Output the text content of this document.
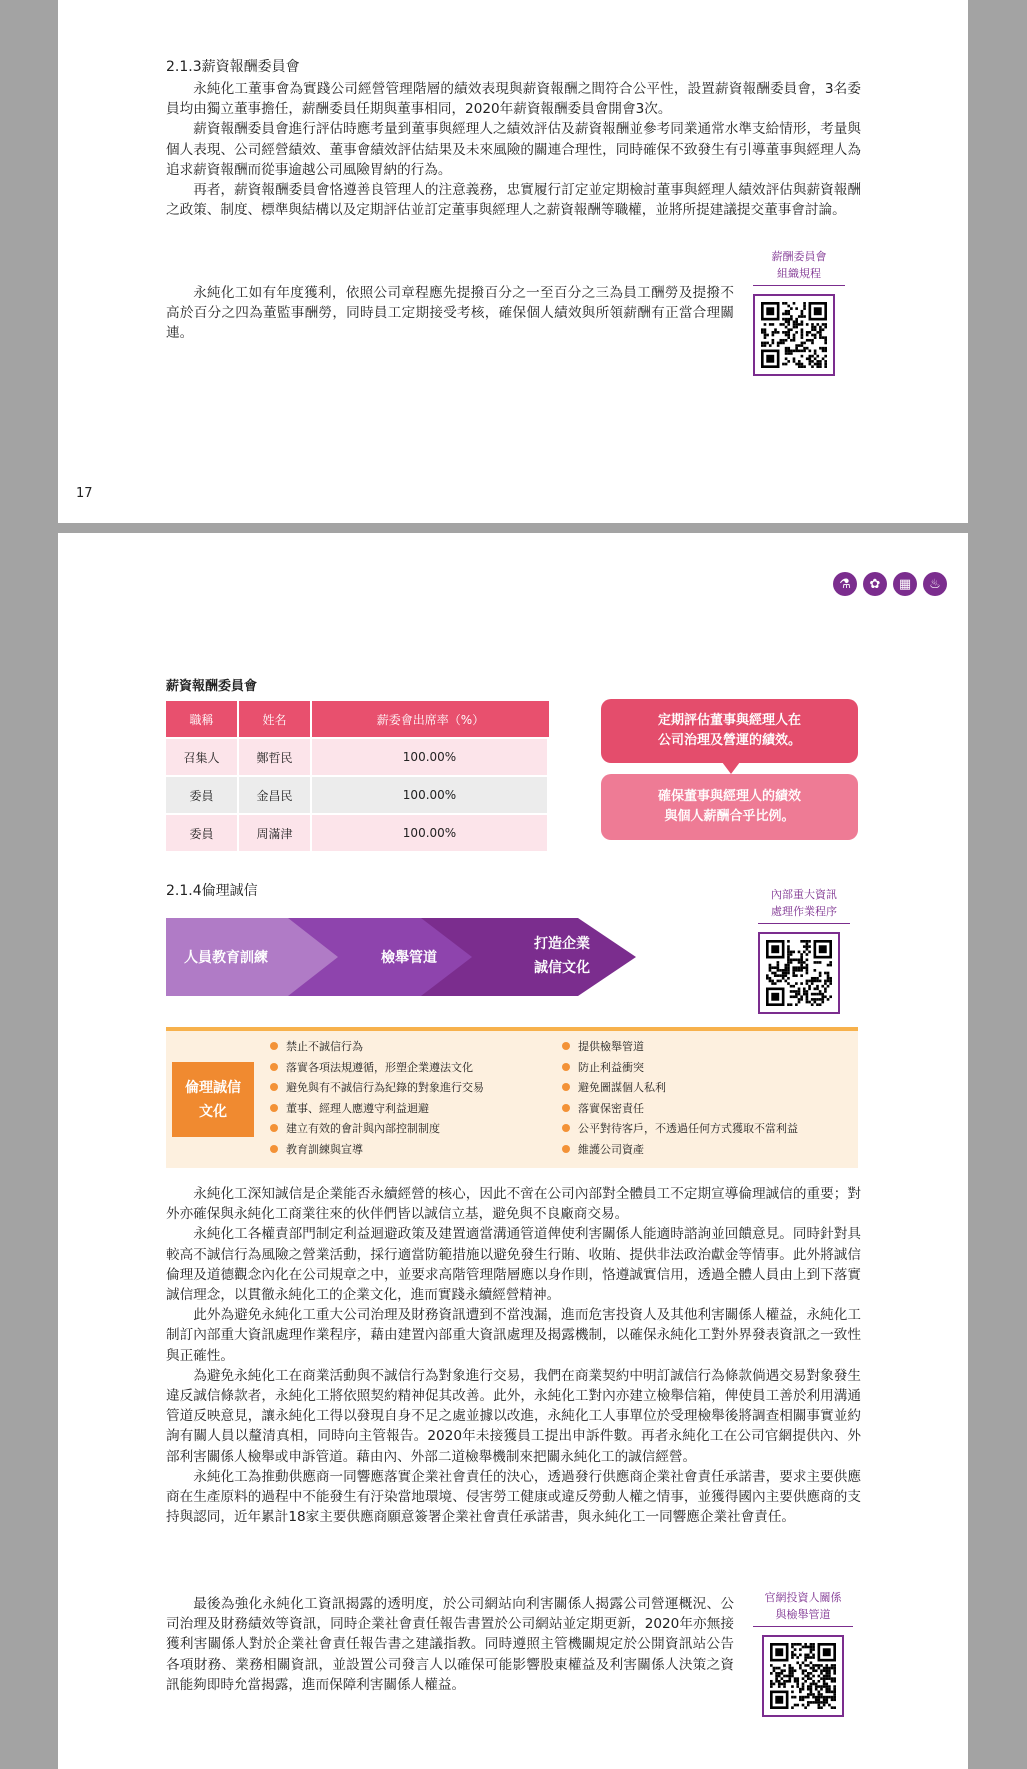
2.1.3薪資報酬委員會

永純化工董事會為實踐公司經營管理階層的績效表現與薪資報酬之間符合公平性，設置薪資報酬委員會，3名委員均由獨立董事擔任，薪酬委員任期與董事相同，2020年薪資報酬委員會開會3次。

薪資報酬委員會進行評估時應考量到董事與經理人之績效評估及薪資報酬並參考同業通常水準支給情形，考量與個人表現、公司經營績效、董事會績效評估結果及未來風險的關連合理性，同時確保不致發生有引導董事與經理人為追求薪資報酬而從事逾越公司風險胃納的行為。

再者，薪資報酬委員會恪遵善良管理人的注意義務，忠實履行訂定並定期檢討董事與經理人績效評估與薪資報酬之政策、制度、標準與結構以及定期評估並訂定董事與經理人之薪資報酬等職權，並將所提建議提交董事會討論。

永純化工如有年度獲利，依照公司章程應先提撥百分之一至百分之三為員工酬勞及提撥不高於百分之四為董監事酬勞，同時員工定期接受考核，確保個人績效與所領薪酬有正當合理關連。

薪酬委員會
組織規程
17
⚗	✿	▦	♨
薪資報酬委員會
職稱	姓名	薪委會出席率（%）
召集人	鄭哲民	100.00%
委員	金昌民	100.00%
委員	周滿津	100.00%
定期評估董事與經理人在
公司治理及營運的績效。
確保董事與經理人的績效
與個人薪酬合乎比例。
2.1.4倫理誠信
人員教育訓練	檢舉管道
打造企業
誠信文化
內部重大資訊
處理作業程序
倫理誠信
文化
禁止不誠信行為
落實各項法規遵循，形塑企業遵法文化
避免與有不誠信行為紀錄的對象進行交易
董事、經理人應遵守利益迴避
建立有效的會計與內部控制制度
教育訓練與宣導
提供檢舉管道
防止利益衝突
避免圖謀個人私利
落實保密責任
公平對待客戶，不透過任何方式獲取不當利益
維護公司資產

永純化工深知誠信是企業能否永續經營的核心，因此不啻在公司內部對全體員工不定期宣導倫理誠信的重要；對外亦確保與永純化工商業往來的伙伴們皆以誠信立基，避免與不良廠商交易。

永純化工各權責部門制定利益迴避政策及建置適當溝通管道俾使利害關係人能適時諮詢並回饋意見。同時針對具較高不誠信行為風險之營業活動，採行適當防範措施以避免發生行賄、收賄、提供非法政治獻金等情事。此外將誠信倫理及道德觀念內化在公司規章之中，並要求高階管理階層應以身作則，恪遵誠實信用，透過全體人員由上到下落實誠信理念，以貫徹永純化工的企業文化，進而實踐永續經營精神。

此外為避免永純化工重大公司治理及財務資訊遭到不當洩漏，進而危害投資人及其他利害關係人權益，永純化工制訂內部重大資訊處理作業程序，藉由建置內部重大資訊處理及揭露機制，以確保永純化工對外界發表資訊之一致性與正確性。

為避免永純化工在商業活動與不誠信行為對象進行交易，我們在商業契約中明訂誠信行為條款倘遇交易對象發生違反誠信條款者，永純化工將依照契約精神促其改善。此外，永純化工對內亦建立檢舉信箱，俾使員工善於利用溝通管道反映意見，讓永純化工得以發現自身不足之處並據以改進，永純化工人事單位於受理檢舉後將調查相關事實並約詢有關人員以釐清真相，同時向主管報告。2020年未接獲員工提出申訴件數。再者永純化工在公司官網提供內、外部利害關係人檢舉或申訴管道。藉由內、外部二道檢舉機制來把關永純化工的誠信經營。

永純化工為推動供應商一同響應落實企業社會責任的決心，透過發行供應商企業社會責任承諾書，要求主要供應商在生產原料的過程中不能發生有汙染當地環境、侵害勞工健康或違反勞動人權之情事，並獲得國內主要供應商的支持與認同，近年累計18家主要供應商願意簽署企業社會責任承諾書，與永純化工一同響應企業社會責任。

最後為強化永純化工資訊揭露的透明度，於公司網站向利害關係人揭露公司營運概況、公司治理及財務績效等資訊，同時企業社會責任報告書置於公司網站並定期更新，2020年亦無接獲利害關係人對於企業社會責任報告書之建議指教。同時遵照主管機關規定於公開資訊站公告各項財務、業務相關資訊，並設置公司發言人以確保可能影響股東權益及利害關係人決策之資訊能夠即時允當揭露，進而保障利害關係人權益。

官網投資人關係
與檢舉管道
